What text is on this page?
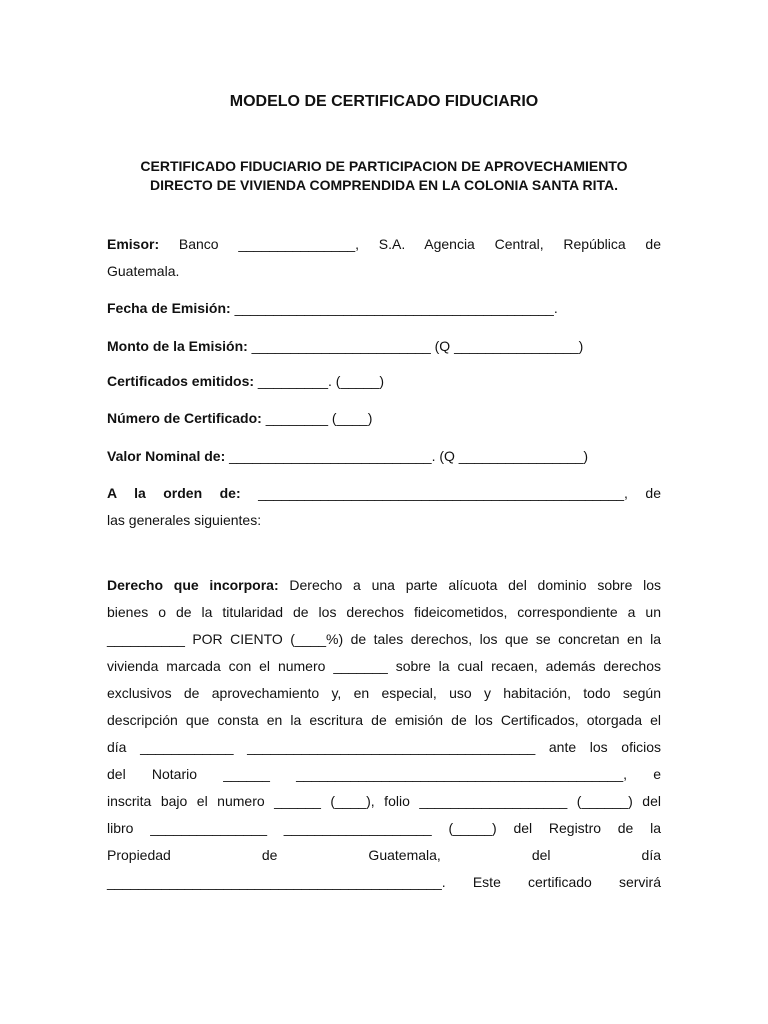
MODELO DE CERTIFICADO FIDUCIARIO
CERTIFICADO FIDUCIARIO DE PARTICIPACION DE APROVECHAMIENTO
DIRECTO DE VIVIENDA COMPRENDIDA EN LA COLONIA SANTA RITA.
Emisor: Banco _______________, S.A. Agencia Central, República de
Guatemala.
Fecha de Emisión: _________________________________________.
Monto de la Emisión: _______________________ (Q ________________)
Certificados emitidos: _________. (_____)
Número de Certificado: ________ (____)
Valor Nominal de: __________________________. (Q ________________)
A la orden de: _______________________________________________, de
las generales siguientes:
Derecho que incorpora: Derecho a una parte alícuota del dominio sobre los
bienes o de la titularidad de los derechos fideicometidos, correspondiente a un
__________ POR CIENTO (____%) de tales derechos, los que se concretan en la
vivienda marcada con el numero _______ sobre la cual recaen, además derechos
exclusivos de aprovechamiento y, en especial, uso y habitación, todo según
descripción que consta en la escritura de emisión de los Certificados, otorgada el
día ____________ _____________________________________ ante los oficios
del Notario ______ __________________________________________, e
inscrita bajo el numero ______ (____), folio ___________________ (______) del
libro _______________ ___________________ (_____) del Registro de la
Propiedad de Guatemala, del día
___________________________________________. Este certificado servirá
